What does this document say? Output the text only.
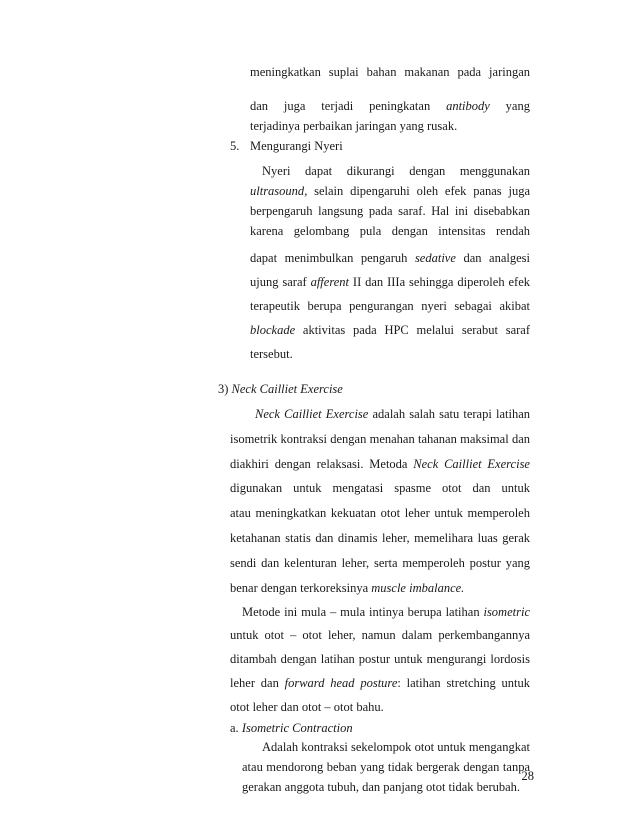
meningkatkan suplai bahan makanan pada jaringan
dan juga terjadi peningkatan antibody yang
terjadinya perbaikan jaringan yang rusak.
5. Mengurangi Nyeri
Nyeri dapat dikurangi dengan menggunakan
ultrasound, selain dipengaruhi oleh efek panas juga
berpengaruh langsung pada saraf. Hal ini disebabkan
karena gelombang pula dengan intensitas rendah
dapat menimbulkan pengaruh sedative dan analgesi
ujung saraf afferent II dan IIIa sehingga diperoleh efek
terapeutik berupa pengurangan nyeri sebagai akibat
blockade aktivitas pada HPC melalui serabut saraf
tersebut.
3) Neck Cailliet Exercise
Neck Cailliet Exercise adalah salah satu terapi latihan
isometrik kontraksi dengan menahan tahanan maksimal dan
diakhiri dengan relaksasi. Metoda Neck Cailliet Exercise
digunakan untuk mengatasi spasme otot dan untuk
atau meningkatkan kekuatan otot leher untuk memperoleh
ketahanan statis dan dinamis leher, memelihara luas gerak
sendi dan kelenturan leher, serta memperoleh postur yang
benar dengan terkoreksinya muscle imbalance.
Metode ini mula – mula intinya berupa latihan isometric
untuk otot – otot leher, namun dalam perkembangannya
ditambah dengan latihan postur untuk mengurangi lordosis
leher dan forward head posture: latihan stretching untuk
otot leher dan otot – otot bahu.
a. Isometric Contraction
Adalah kontraksi sekelompok otot untuk mengangkat
atau mendorong beban yang tidak bergerak dengan tanpa
gerakan anggota tubuh, dan panjang otot tidak berubah.
28
